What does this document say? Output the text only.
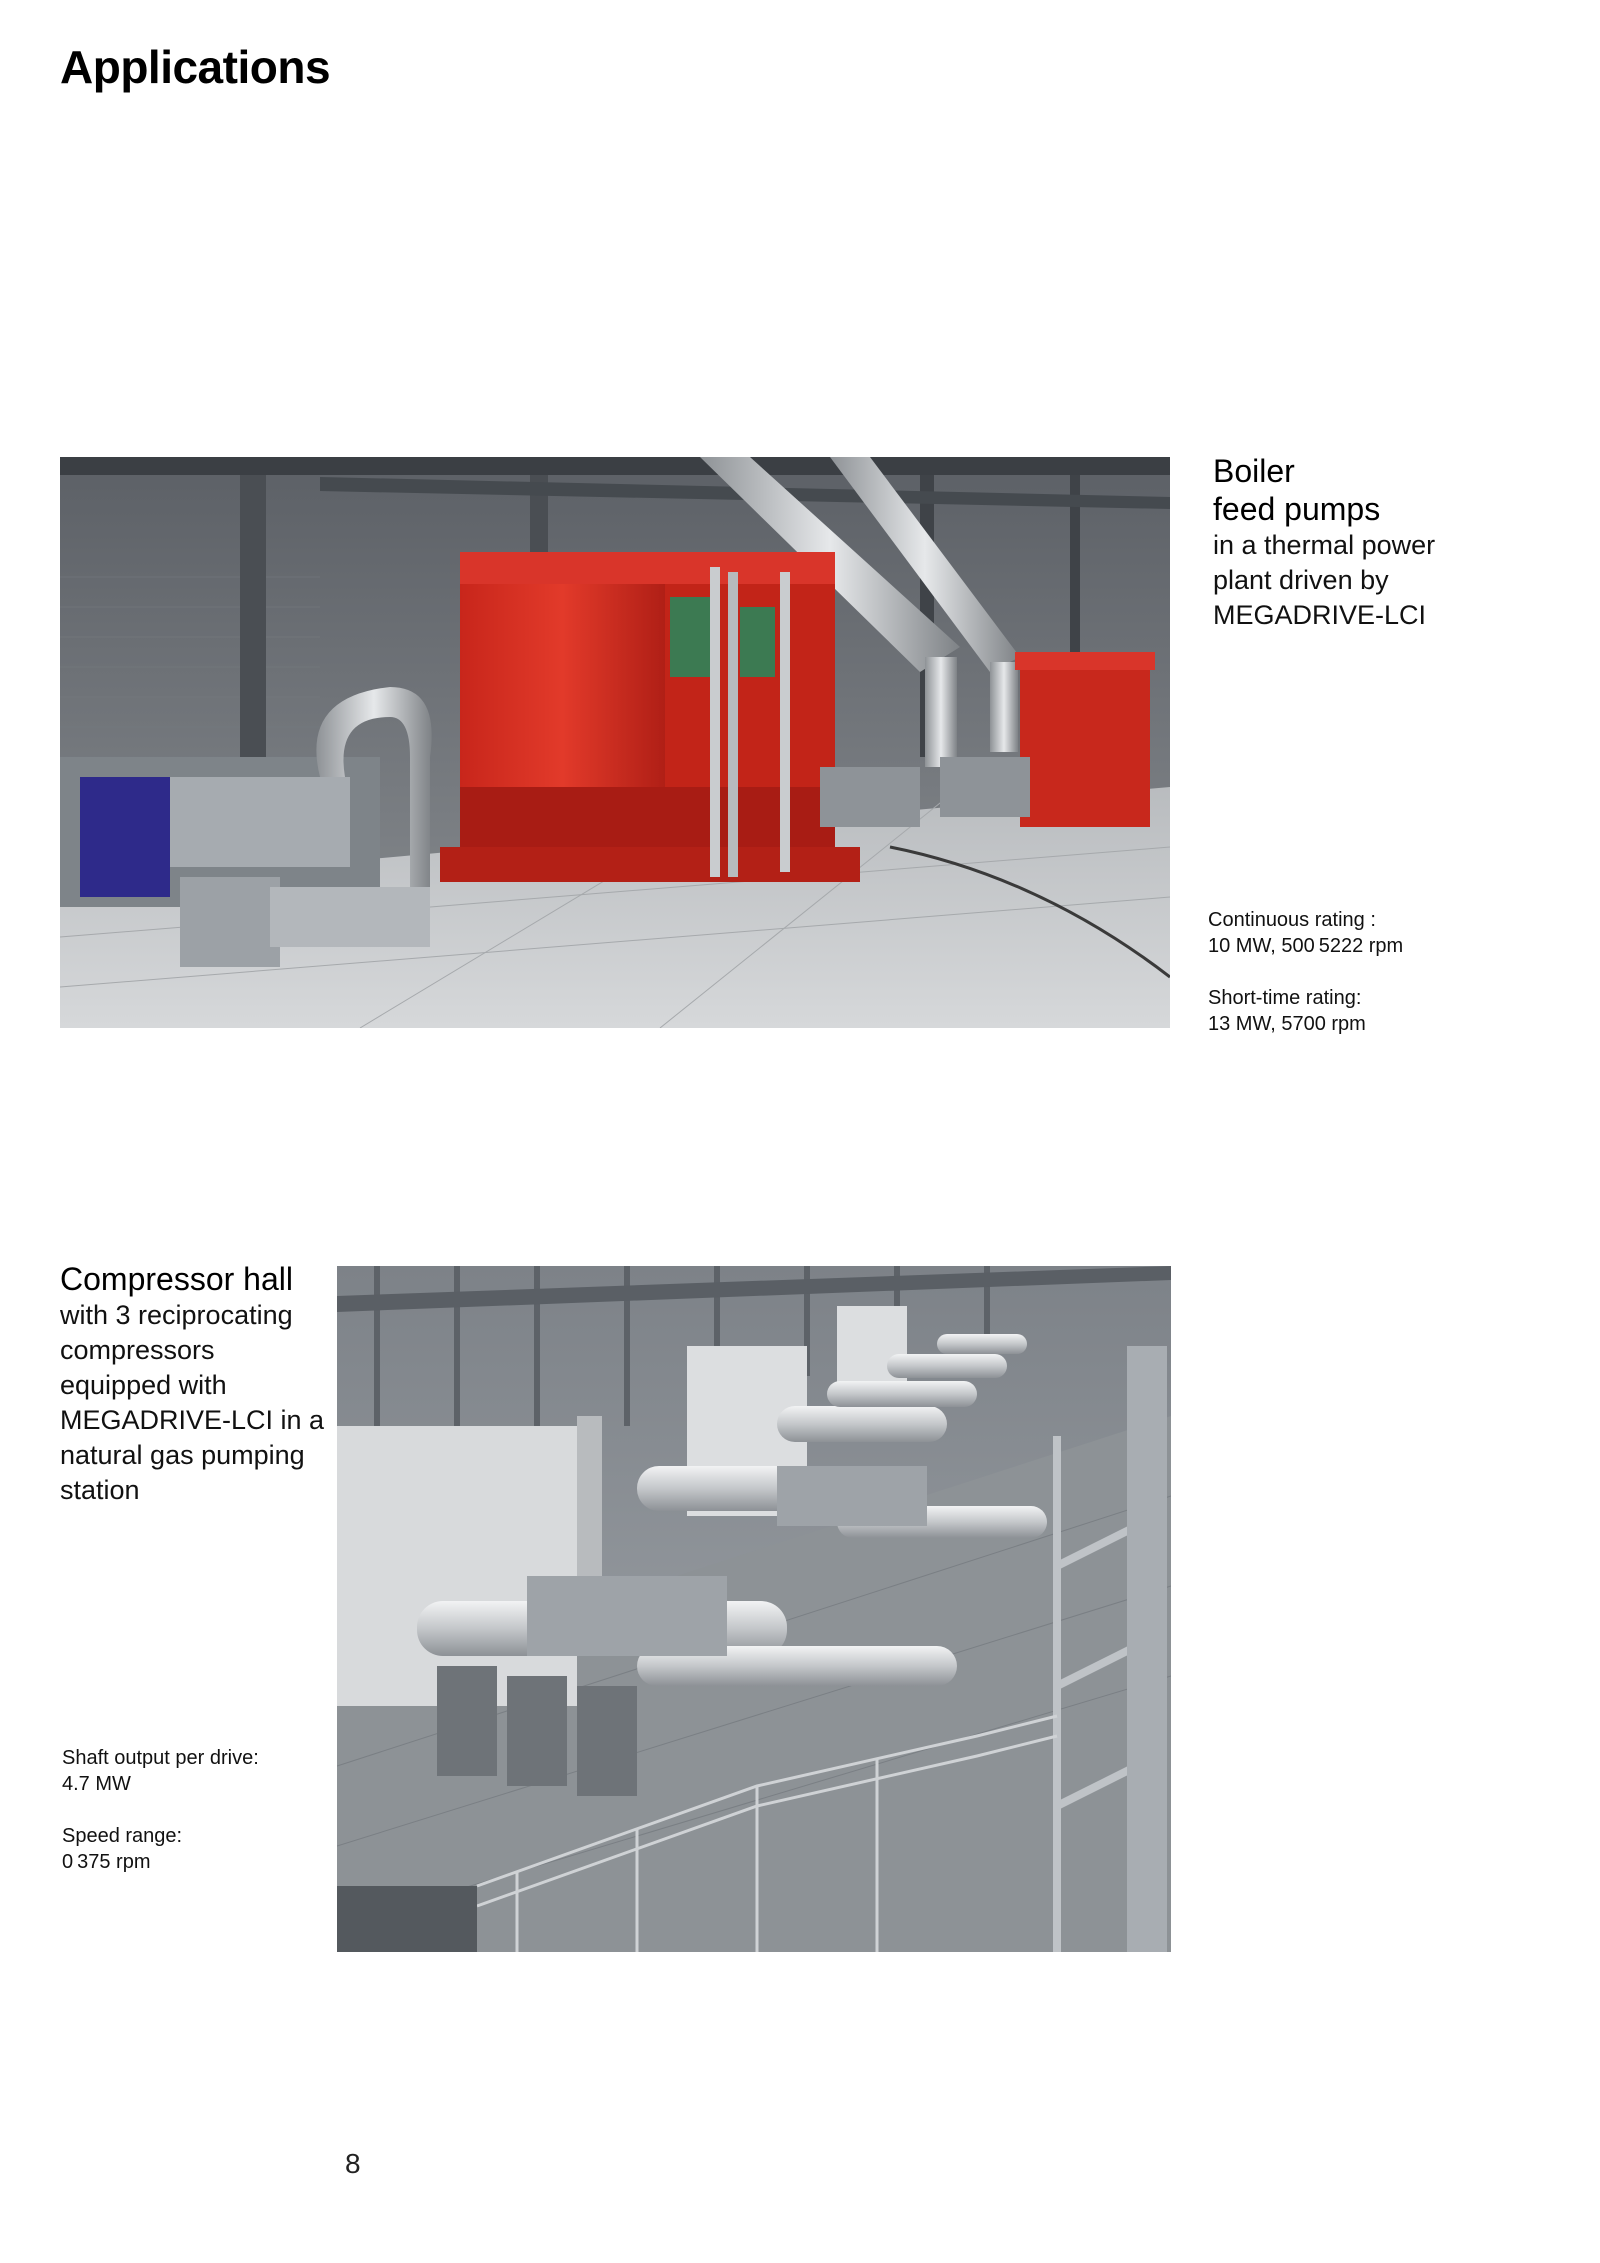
Applications
Boiler
feed pumps
in a thermal power
plant driven by
MEGADRIVE-LCI
Continuous rating :
10 MW, 500 5222 rpm
Short-time rating:
13 MW, 5700 rpm
Compressor hall
with 3 reciprocating
compressors
equipped with
MEGADRIVE-LCI in a
natural gas pumping
station
Shaft output per drive:
4.7 MW
Speed range:
0 375 rpm
8
